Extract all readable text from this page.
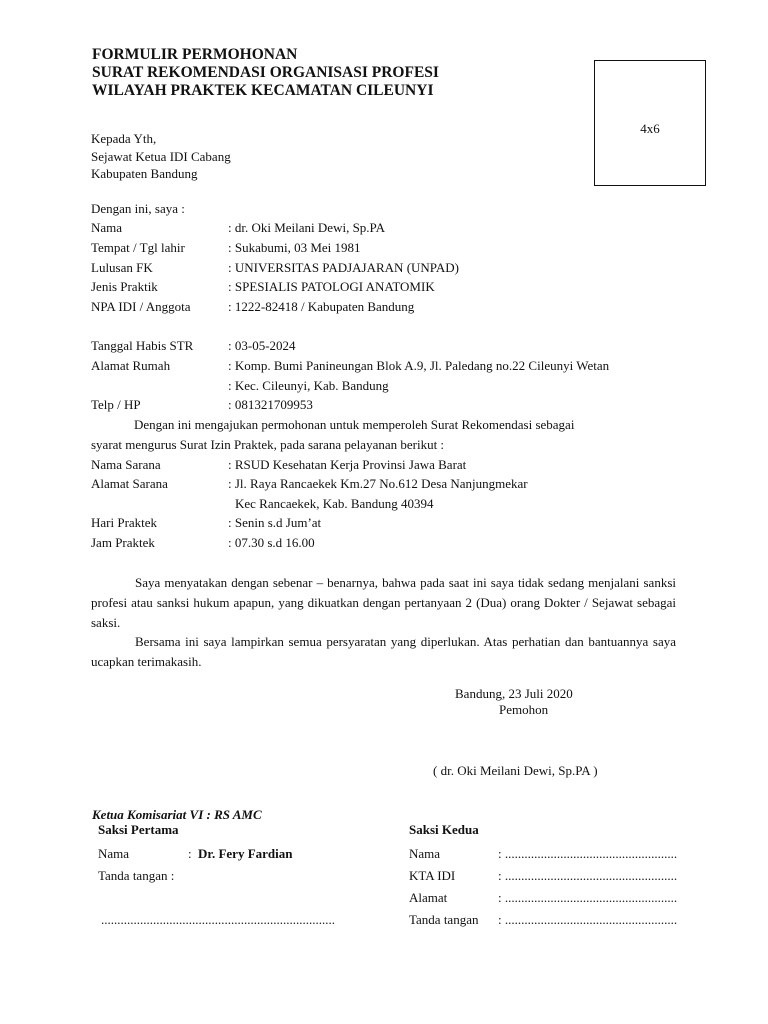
FORMULIR PERMOHONAN
SURAT REKOMENDASI ORGANISASI PROFESI
WILAYAH PRAKTEK KECAMATAN CILEUNYI
4x6
Kepada Yth,
Sejawat Ketua IDI Cabang
Kabupaten Bandung
Dengan ini, saya :
Nama	: dr. Oki Meilani Dewi, Sp.PA
Tempat / Tgl lahir	: Sukabumi, 03 Mei 1981
Lulusan FK	: UNIVERSITAS PADJAJARAN (UNPAD)
Jenis Praktik	: SPESIALIS PATOLOGI ANATOMIK
NPA IDI / Anggota	: 1222-82418 / Kabupaten Bandung
Tanggal Habis STR	: 03-05-2024
Alamat Rumah	: Komp. Bumi Panineungan Blok A.9, Jl. Paledang no.22 Cileunyi Wetan
: Kec. Cileunyi, Kab. Bandung
Telp / HP	: 081321709953
Dengan ini mengajukan permohonan untuk memperoleh Surat Rekomendasi sebagai
syarat mengurus Surat Izin Praktek, pada sarana pelayanan berikut :
Nama Sarana	: RSUD Kesehatan Kerja Provinsi Jawa Barat
Alamat Sarana	: Jl. Raya Rancaekek Km.27 No.612 Desa Nanjungmekar
Kec Rancaekek, Kab. Bandung 40394
Hari Praktek	: Senin s.d Jum’at
Jam Praktek	: 07.30 s.d 16.00
Saya menyatakan dengan sebenar – benarnya, bahwa pada saat ini saya tidak sedang menjalani sanksi profesi atau sanksi hukum apapun, yang dikuatkan dengan pertanyaan 2 (Dua) orang Dokter / Sejawat sebagai saksi.
Bersama ini saya lampirkan semua persyaratan yang diperlukan. Atas perhatian dan bantuannya saya ucapkan terimakasih.
Bandung, 23 Juli 2020
Pemohon
( dr. Oki Meilani Dewi, Sp.PA )
Ketua Komisariat VI : RS AMC
Saksi Pertama
Nama	: Dr. Fery Fardian
Tanda tangan :
........................................................................
Saksi Kedua
Nama	: .....................................................
KTA IDI	: .....................................................
Alamat	: .....................................................
Tanda tangan : .....................................................
